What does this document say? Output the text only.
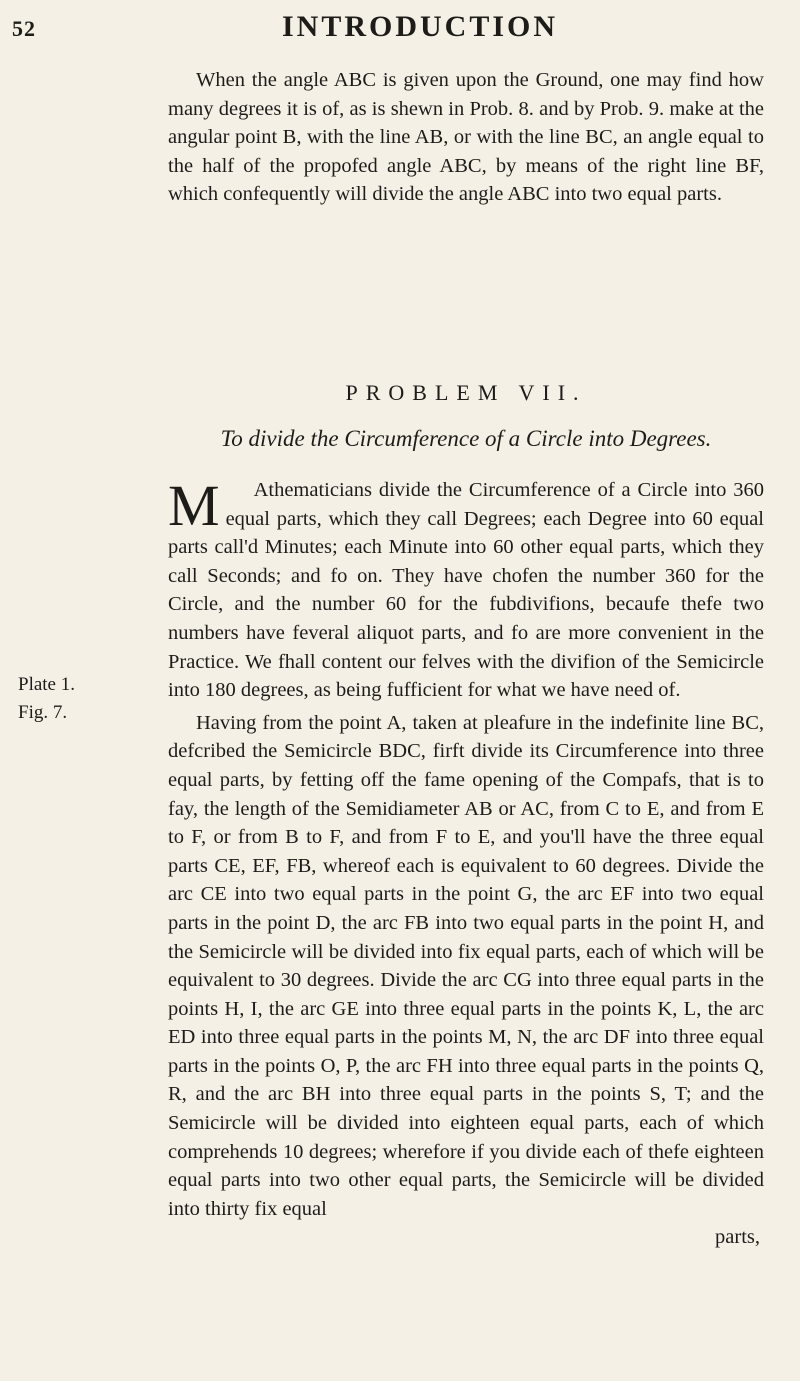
52	INTRODUCTION

When the angle ABC is given upon the Ground, one may find how many degrees it is of, as is shewn in Prob. 8. and by Prob. 9. make at the angular point B, with the line AB, or with the line BC, an angle equal to the half of the propofed angle ABC, by means of the right line BF, which confequently will divide the angle ABC into two equal parts.

PROBLEM VII.
To divide the Circumference of a Circle into Degrees.

M Athematicians divide the Circumference of a Circle into 360 equal parts, which they call Degrees; each Degree into 60 equal parts call'd Minutes; each Minute into 60 other equal parts, which they call Seconds; and fo on. They have chofen the number 360 for the Circle, and the number 60 for the fubdivifions, becaufe thefe two numbers have feveral aliquot parts, and fo are more convenient in the Practice. We fhall content our felves with the divifion of the Semicircle into 180 degrees, as being fufficient for what we have need of.

Having from the point A, taken at pleafure in the indefinite line BC, defcribed the Semicircle BDC, firft divide its Circumference into three equal parts, by fetting off the fame opening of the Compafs, that is to fay, the length of the Semidiameter AB or AC, from C to E, and from E to F, or from B to F, and from F to E, and you'll have the three equal parts CE, EF, FB, whereof each is equivalent to 60 degrees. Divide the arc CE into two equal parts in the point G, the arc EF into two equal parts in the point D, the arc FB into two equal parts in the point H, and the Semicircle will be divided into fix equal parts, each of which will be equivalent to 30 degrees. Divide the arc CG into three equal parts in the points H, I, the arc GE into three equal parts in the points K, L, the arc ED into three equal parts in the points M, N, the arc DF into three equal parts in the points O, P, the arc FH into three equal parts in the points Q, R, and the arc BH into three equal parts in the points S, T; and the Semicircle will be divided into eighteen equal parts, each of which comprehends 10 degrees; wherefore if you divide each of thefe eighteen equal parts into two other equal parts, the Semicircle will be divided into thirty fix equal

parts,
Plate 1.
Fig. 7.
